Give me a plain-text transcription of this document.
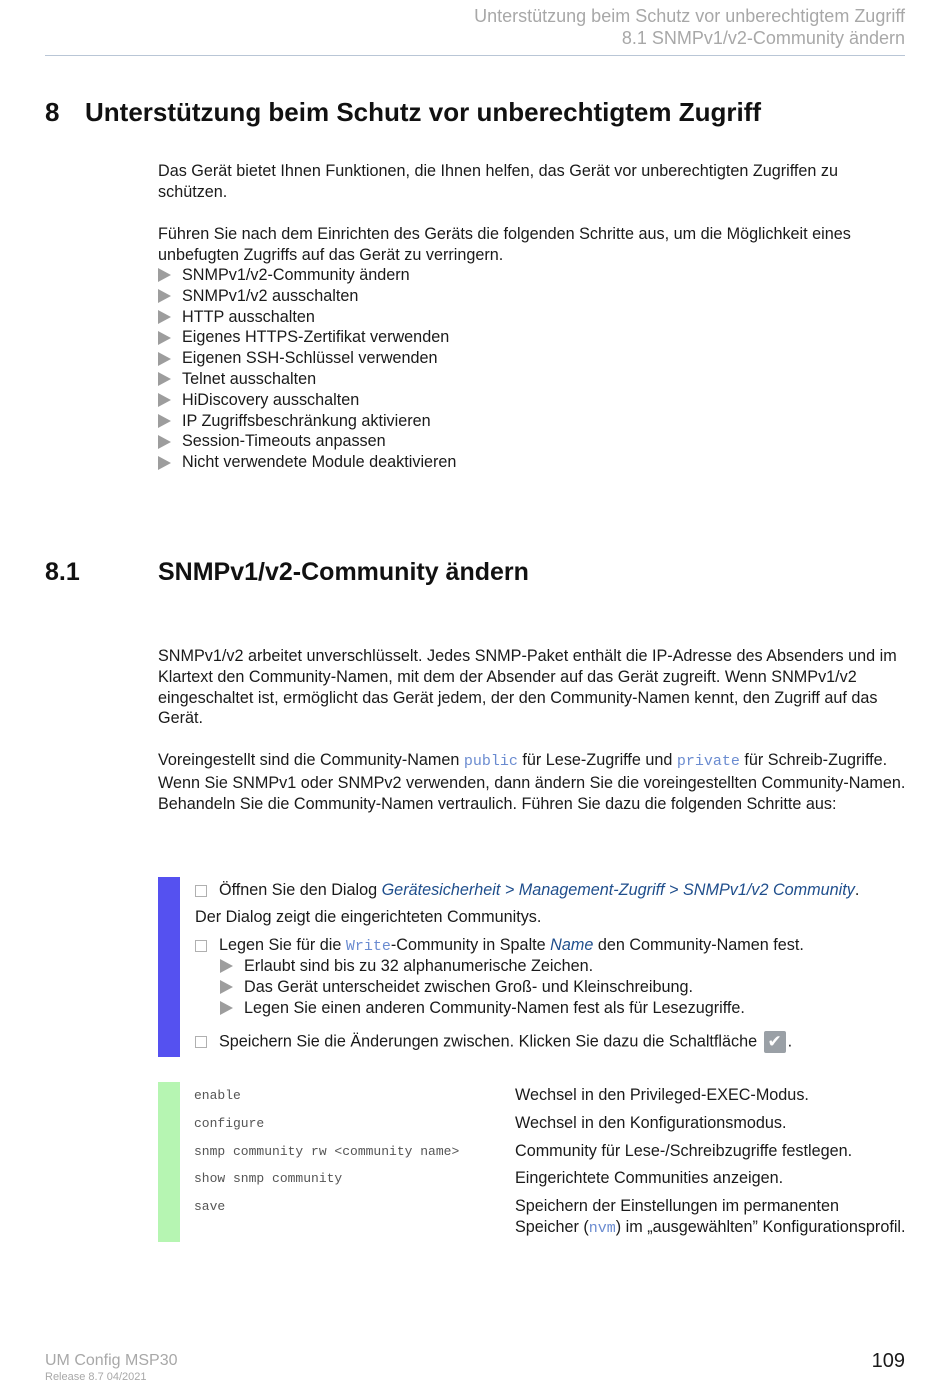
Unterstützung beim Schutz vor unberechtigtem Zugriff
8.1 SNMPv1/v2-Community ändern
8 Unterstützung beim Schutz vor unberechtigtem Zugriff
Das Gerät bietet Ihnen Funktionen, die Ihnen helfen, das Gerät vor unberechtigten Zugriffen zu schützen.
Führen Sie nach dem Einrichten des Geräts die folgenden Schritte aus, um die Möglichkeit eines unbefugten Zugriffs auf das Gerät zu verringern.
SNMPv1/v2-Community ändern
SNMPv1/v2 ausschalten
HTTP ausschalten
Eigenes HTTPS-Zertifikat verwenden
Eigenen SSH-Schlüssel verwenden
Telnet ausschalten
HiDiscovery ausschalten
IP Zugriffsbeschränkung aktivieren
Session-Timeouts anpassen
Nicht verwendete Module deaktivieren
8.1	SNMPv1/v2-Community ändern
SNMPv1/v2 arbeitet unverschlüsselt. Jedes SNMP-Paket enthält die IP-Adresse des Absenders und im Klartext den Community-Namen, mit dem der Absender auf das Gerät zugreift. Wenn SNMPv1/v2 eingeschaltet ist, ermöglicht das Gerät jedem, der den Community-Namen kennt, den Zugriff auf das Gerät.
Voreingestellt sind die Community-Namen public für Lese-Zugriffe und private für Schreib-Zugriffe. Wenn Sie SNMPv1 oder SNMPv2 verwenden, dann ändern Sie die voreingestellten Community-Namen. Behandeln Sie die Community-Namen vertraulich. Führen Sie dazu die folgenden Schritte aus:
Öffnen Sie den Dialog Gerätesicherheit > Management-Zugriff > SNMPv1/v2 Community.
Der Dialog zeigt die eingerichteten Communitys.
Legen Sie für die Write-Community in Spalte Name den Community-Namen fest.
Erlaubt sind bis zu 32 alphanumerische Zeichen.
Das Gerät unterscheidet zwischen Groß- und Kleinschreibung.
Legen Sie einen anderen Community-Namen fest als für Lesezugriffe.
Speichern Sie die Änderungen zwischen. Klicken Sie dazu die Schaltfläche ✔ .
enable	Wechsel in den Privileged-EXEC-Modus.
configure	Wechsel in den Konfigurationsmodus.
snmp community rw <community name>	Community für Lese-/Schreibzugriffe festlegen.
show snmp community	Eingerichtete Communities anzeigen.
save	Speichern der Einstellungen im permanenten Speicher (nvm) im „ausgewählten” Konfigurationsprofil.
UM Config MSP30
Release 8.7 04/2021
109
